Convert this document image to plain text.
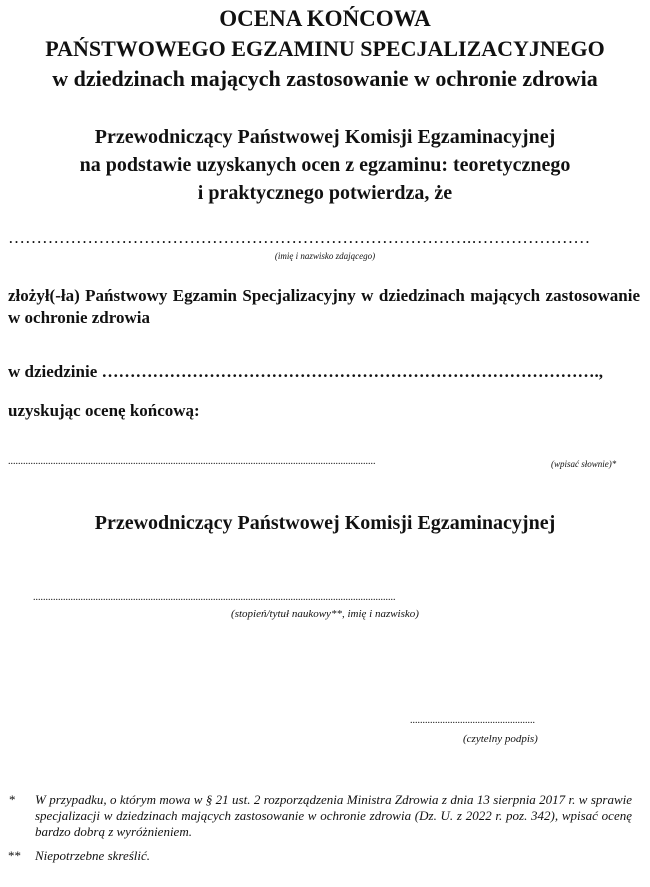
OCENA KOŃCOWA
PAŃSTWOWEGO EGZAMINU SPECJALIZACYJNEGO
w dziedzinach mających zastosowanie w ochronie zdrowia
Przewodniczący Państwowej Komisji Egzaminacyjnej
na podstawie uzyskanych ocen z egzaminu: teoretycznego
i praktycznego potwierdza, że
……………………………………………………………………….…………………
(imię i nazwisko zdającego)
złożył(-ła) Państwowy Egzamin Specjalizacyjny w dziedzinach mających zastosowanie w ochronie zdrowia
w dziedzinie …………………………………………………………………………….,
uzyskując ocenę końcową:
...................................................................................................................................................	(wpisać słownie)*
Przewodniczący Państwowej Komisji Egzaminacyjnej
.................................................................................................................................................
(stopień/tytuł naukowy**, imię i nazwisko)
..................................................
(czytelny podpis)
* W przypadku, o którym mowa w § 21 ust. 2 rozporządzenia Ministra Zdrowia z dnia 13 sierpnia 2017 r. w sprawie specjalizacji w dziedzinach mających zastosowanie w ochronie zdrowia (Dz. U. z 2022 r. poz. 342), wpisać ocenę bardzo dobrą z wyróżnieniem.
** Niepotrzebne skreślić.
